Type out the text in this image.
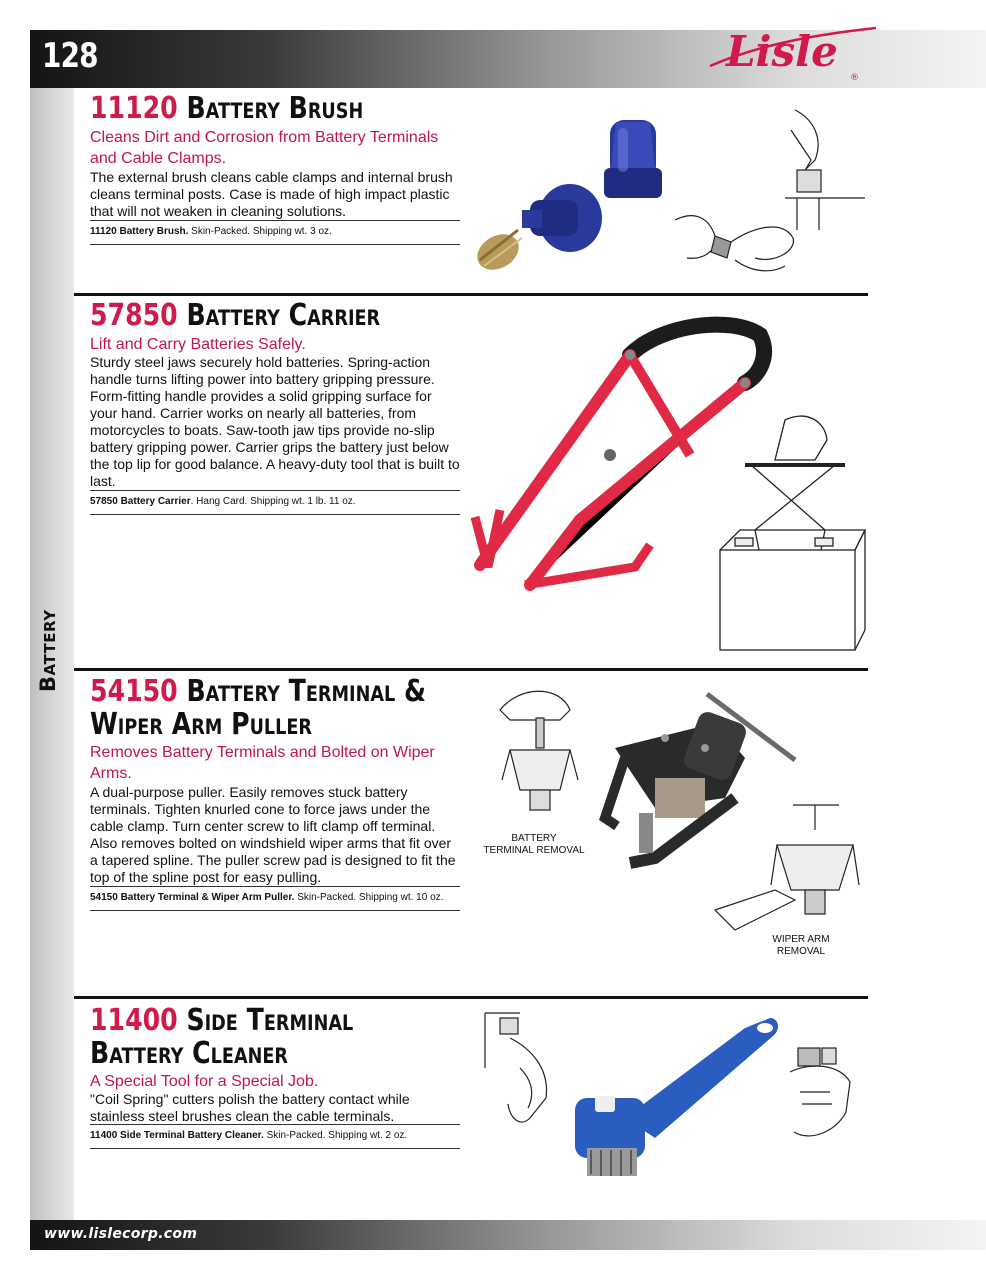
128	Lisle
®
Battery
www.lislecorp.com
11120 Battery Brush
Cleans Dirt and Corrosion from Battery Terminals and Cable Clamps.
The external brush cleans cable clamps and internal brush cleans terminal posts. Case is made of high impact plastic that will not weaken in cleaning solutions.
11120 Battery Brush. Skin-Packed. Shipping wt. 3 oz.
57850 Battery Carrier
Lift and Carry Batteries Safely.
Sturdy steel jaws securely hold batteries. Spring-action handle turns lifting power into battery gripping pressure. Form-fitting handle provides a solid gripping surface for your hand. Carrier works on nearly all batteries, from motorcycles to boats. Saw-tooth jaw tips provide no-slip battery gripping power. Carrier grips the battery just below the top lip for good balance. A heavy-duty tool that is built to last.
57850 Battery Carrier. Hang Card. Shipping wt. 1 lb. 11 oz.
54150 Battery Terminal &
Wiper Arm Puller
Removes Battery Terminals and Bolted on Wiper Arms.
A dual-purpose puller. Easily removes stuck battery terminals. Tighten knurled cone to force jaws under the cable clamp. Turn center screw to lift clamp off terminal. Also removes bolted on windshield wiper arms that fit over a tapered spline. The puller screw pad is designed to fit the top of the spline post for easy pulling.
54150 Battery Terminal & Wiper Arm Puller. Skin-Packed. Shipping wt. 10 oz.
BATTERY
TERMINAL REMOVAL
WIPER ARM
REMOVAL
11400 Side Terminal
Battery Cleaner
A Special Tool for a Special Job.
"Coil Spring" cutters polish the battery contact while stainless steel brushes clean the cable terminals.
11400 Side Terminal Battery Cleaner. Skin-Packed. Shipping wt. 2 oz.
